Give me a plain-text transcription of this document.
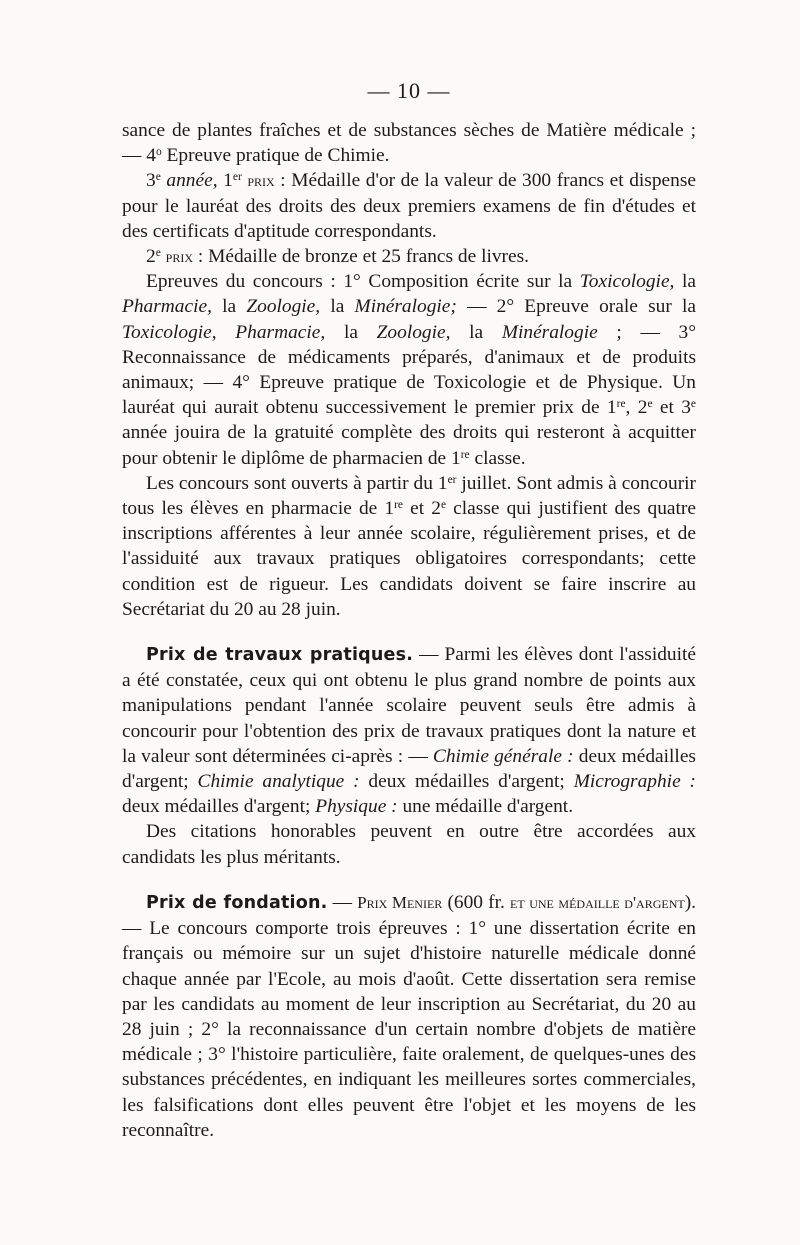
— 10 —

sance de plantes fraîches et de substances sèches de Matière médicale ; — 4$^o$ Epreuve pratique de Chimie.

3e année, 1er prix : Médaille d'or de la valeur de 300 francs et dispense pour le lauréat des droits des deux premiers examens de fin d'études et des certificats d'aptitude correspondants.

2e prix : Médaille de bronze et 25 francs de livres.

Epreuves du concours : 1° Composition écrite sur la Toxicologie, la Pharmacie, la Zoologie, la Minéralogie; — 2° Epreuve orale sur la Toxicologie, Pharmacie, la Zoologie, la Minéralogie ; — 3° Reconnaissance de médicaments préparés, d'animaux et de produits animaux; — 4° Epreuve pratique de Toxicologie et de Physique. Un lauréat qui aurait obtenu successivement le premier prix de 1re, 2e et 3e année jouira de la gratuité complète des droits qui resteront à acquitter pour obtenir le diplôme de pharmacien de 1re classe.

Les concours sont ouverts à partir du 1er juillet. Sont admis à concourir tous les élèves en pharmacie de 1re et 2e classe qui justifient des quatre inscriptions afférentes à leur année scolaire, régulièrement prises, et de l'assiduité aux travaux pratiques obligatoires correspondants; cette condition est de rigueur. Les candidats doivent se faire inscrire au Secrétariat du 20 au 28 juin.

Prix de travaux pratiques. — Parmi les élèves dont l'assiduité a été constatée, ceux qui ont obtenu le plus grand nombre de points aux manipulations pendant l'année scolaire peuvent seuls être admis à concourir pour l'obtention des prix de travaux pratiques dont la nature et la valeur sont déterminées ci-après : — Chimie générale : deux médailles d'argent; Chimie analytique : deux médailles d'argent; Micrographie : deux médailles d'argent; Physique : une médaille d'argent.

Des citations honorables peuvent en outre être accordées aux candidats les plus méritants.

Prix de fondation. — Prix Menier (600 fr. et une médaille d'argent). — Le concours comporte trois épreuves : 1° une dissertation écrite en français ou mémoire sur un sujet d'histoire naturelle médicale donné chaque année par l'Ecole, au mois d'août. Cette dissertation sera remise par les candidats au moment de leur inscription au Secrétariat, du 20 au 28 juin ; 2° la reconnaissance d'un certain nombre d'objets de matière médicale ; 3° l'histoire particulière, faite oralement, de quelques-unes des substances précédentes, en indiquant les meilleures sortes commerciales, les falsifications dont elles peuvent être l'objet et les moyens de les reconnaître.
